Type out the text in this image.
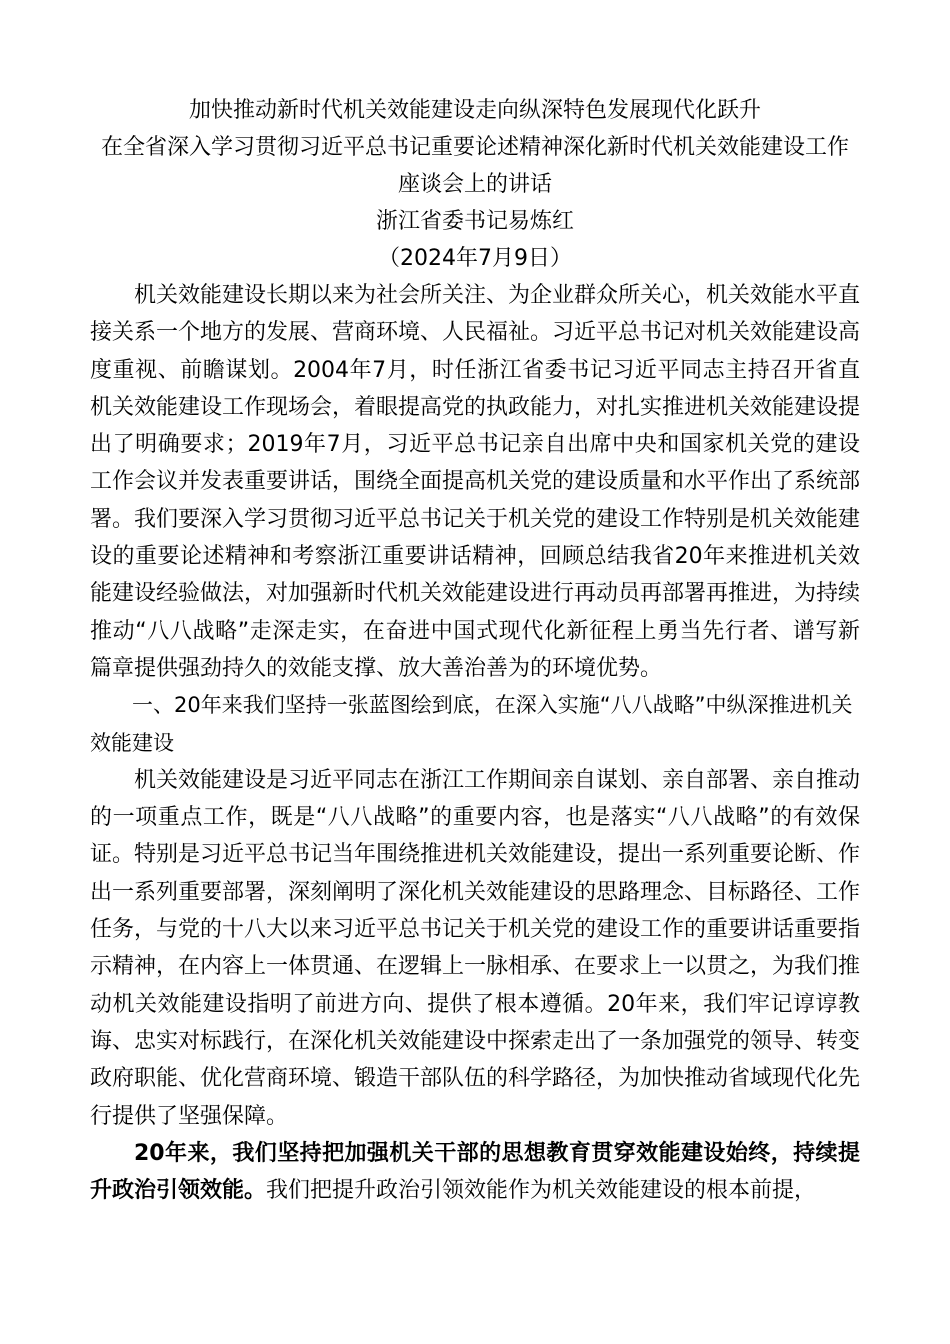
加快推动新时代机关效能建设走向纵深特色发展现代化跃升

在全省深入学习贯彻习近平总书记重要论述精神深化新时代机关效能建设工作

座谈会上的讲话

浙江省委书记易炼红

（2024年7月9日）

机关效能建设长期以来为社会所关注、为企业群众所关心，机关效能水平直接关系一个地方的发展、营商环境、人民福祉。习近平总书记对机关效能建设高度重视、前瞻谋划。2004年7月，时任浙江省委书记习近平同志主持召开省直机关效能建设工作现场会，着眼提高党的执政能力，对扎实推进机关效能建设提出了明确要求；2019年7月，习近平总书记亲自出席中央和国家机关党的建设工作会议并发表重要讲话，围绕全面提高机关党的建设质量和水平作出了系统部署。我们要深入学习贯彻习近平总书记关于机关党的建设工作特别是机关效能建设的重要论述精神和考察浙江重要讲话精神，回顾总结我省20年来推进机关效能建设经验做法，对加强新时代机关效能建设进行再动员再部署再推进，为持续推动“八八战略”走深走实，在奋进中国式现代化新征程上勇当先行者、谱写新篇章提供强劲持久的效能支撑、放大善治善为的环境优势。

一、20年来我们坚持一张蓝图绘到底，在深入实施“八八战略”中纵深推进机关效能建设

机关效能建设是习近平同志在浙江工作期间亲自谋划、亲自部署、亲自推动的一项重点工作，既是“八八战略”的重要内容，也是落实“八八战略”的有效保证。特别是习近平总书记当年围绕推进机关效能建设，提出一系列重要论断、作出一系列重要部署，深刻阐明了深化机关效能建设的思路理念、目标路径、工作任务，与党的十八大以来习近平总书记关于机关党的建设工作的重要讲话重要指示精神，在内容上一体贯通、在逻辑上一脉相承、在要求上一以贯之，为我们推动机关效能建设指明了前进方向、提供了根本遵循。20年来，我们牢记谆谆教诲、忠实对标践行，在深化机关效能建设中探索走出了一条加强党的领导、转变政府职能、优化营商环境、锻造干部队伍的科学路径，为加快推动省域现代化先行提供了坚强保障。

20年来，我们坚持把加强机关干部的思想教育贯穿效能建设始终，持续提升政治引领效能。我们把提升政治引领效能作为机关效能建设的根本前提，
